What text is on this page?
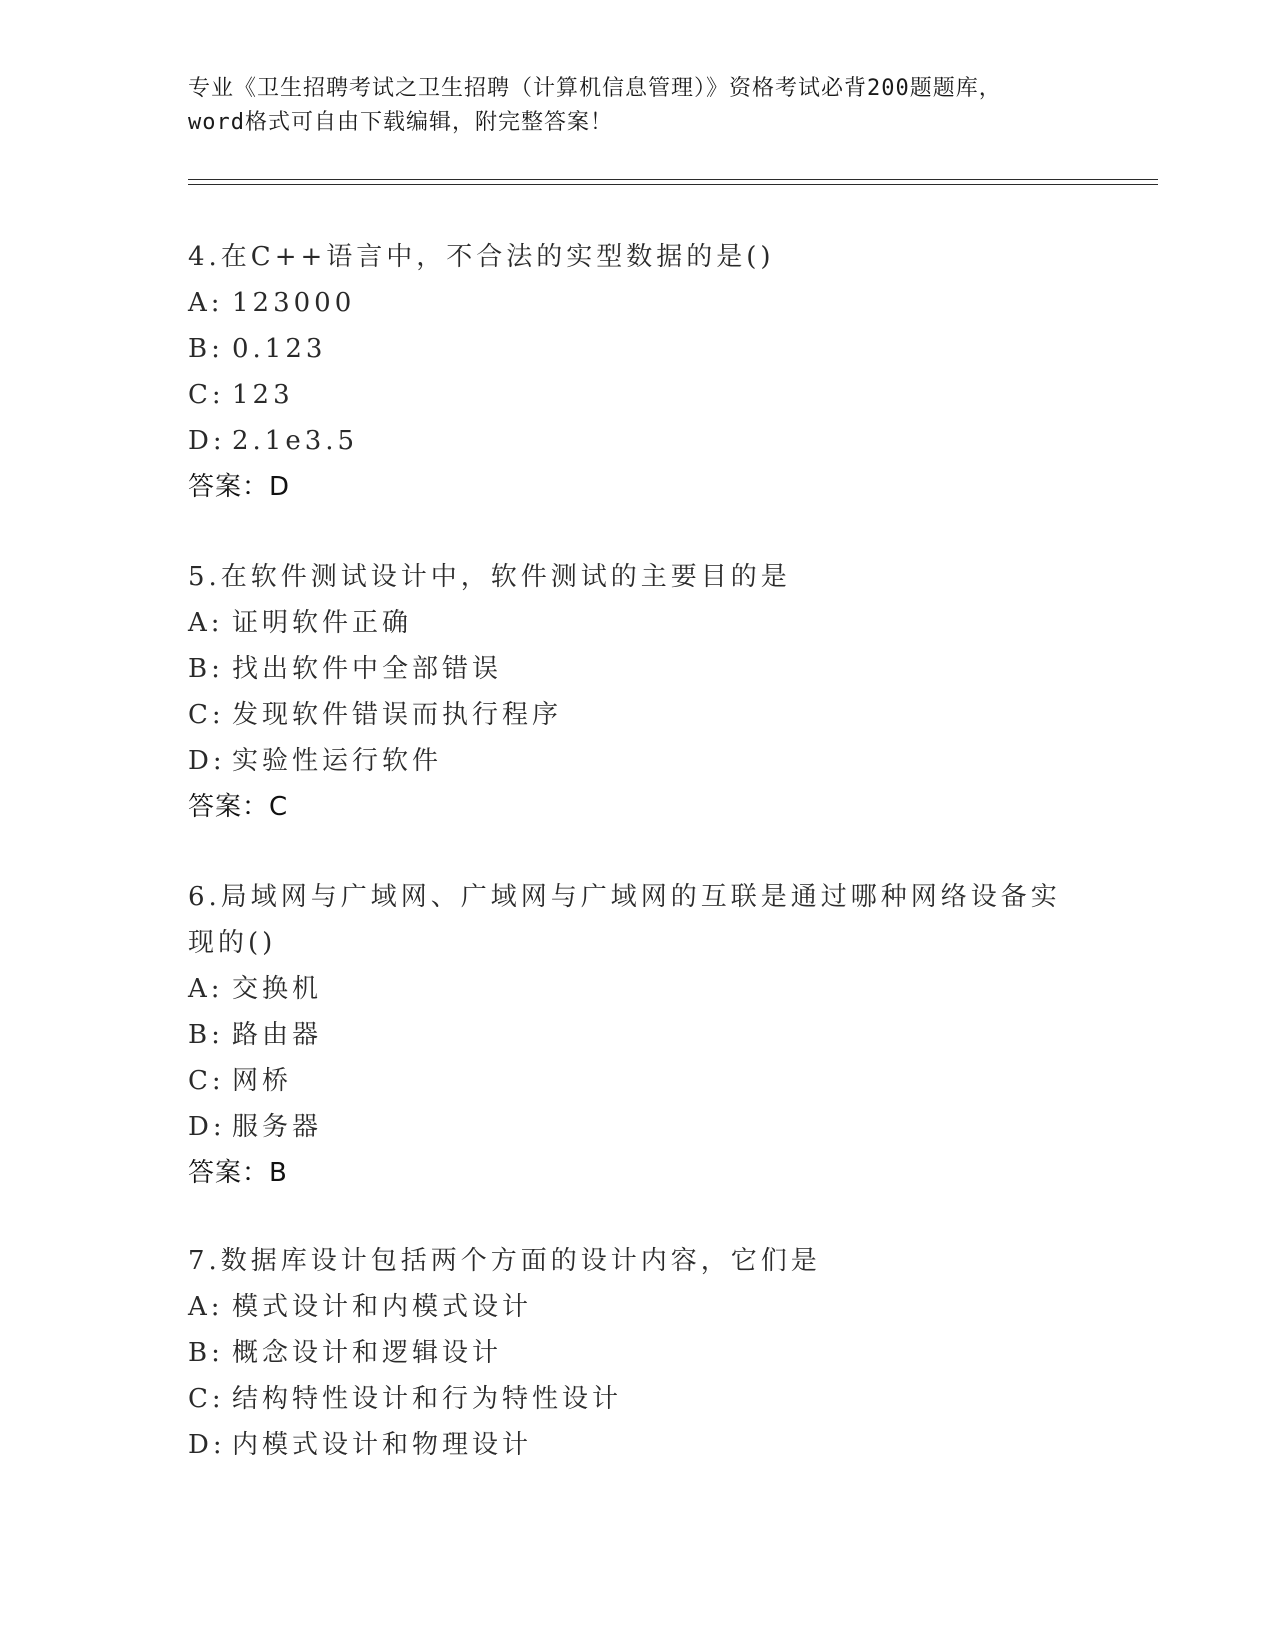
专业《卫生招聘考试之卫生招聘（计算机信息管理）》资格考试必背200题题库，
word格式可自由下载编辑，附完整答案！

4.在C++语言中，不合法的实型数据的是()

A: 123000

B: 0.123

C: 123

D: 2.1e3.5

答案：D

5.在软件测试设计中，软件测试的主要目的是

A: 证明软件正确

B: 找出软件中全部错误

C: 发现软件错误而执行程序

D: 实验性运行软件

答案：C

6.局域网与广域网、广域网与广域网的互联是通过哪种网络设备实现的()

A: 交换机

B: 路由器

C: 网桥

D: 服务器

答案：B

7.数据库设计包括两个方面的设计内容，它们是

A: 模式设计和内模式设计

B: 概念设计和逻辑设计

C: 结构特性设计和行为特性设计

D: 内模式设计和物理设计
